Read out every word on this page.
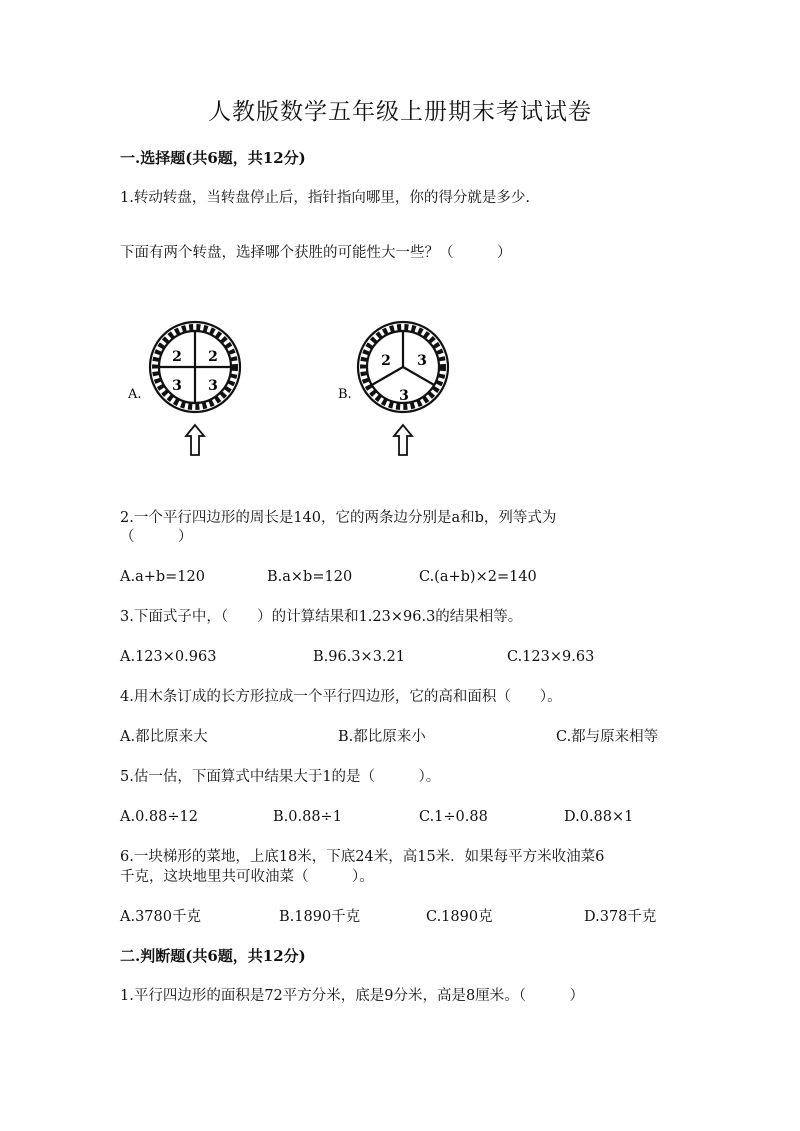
人教版数学五年级上册期末考试试卷
一.选择题(共6题，共12分)
1.转动转盘，当转盘停止后，指针指向哪里，你的得分就是多少.
下面有两个转盘，选择哪个获胜的可能性大一些？（　　　）
2 2
3 3
A.
2 3
3
B.
2.一个平行四边形的周长是140，它的两条边分别是a和b，列等式为
（　　　）
A.a+b=120	B.a×b=120	C.(a+b)×2=140
3.下面式子中，（　　）的计算结果和1.23×96.3的结果相等。
A.123×0.963	B.96.3×3.21	C.123×9.63
4.用木条订成的长方形拉成一个平行四边形，它的高和面积（　　）。
A.都比原来大	B.都比原来小	C.都与原来相等
5.估一估，下面算式中结果大于1的是（　　　）。
A.0.88÷12	B.0.88÷1	C.1÷0.88	D.0.88×1
6.一块梯形的菜地，上底18米，下底24米，高15米．如果每平方米收油菜6
千克，这块地里共可收油菜（　　　）。
A.3780千克	B.1890千克	C.1890克	D.378千克
二.判断题(共6题，共12分)
1.平行四边形的面积是72平方分米，底是9分米，高是8厘米。（　　　）
